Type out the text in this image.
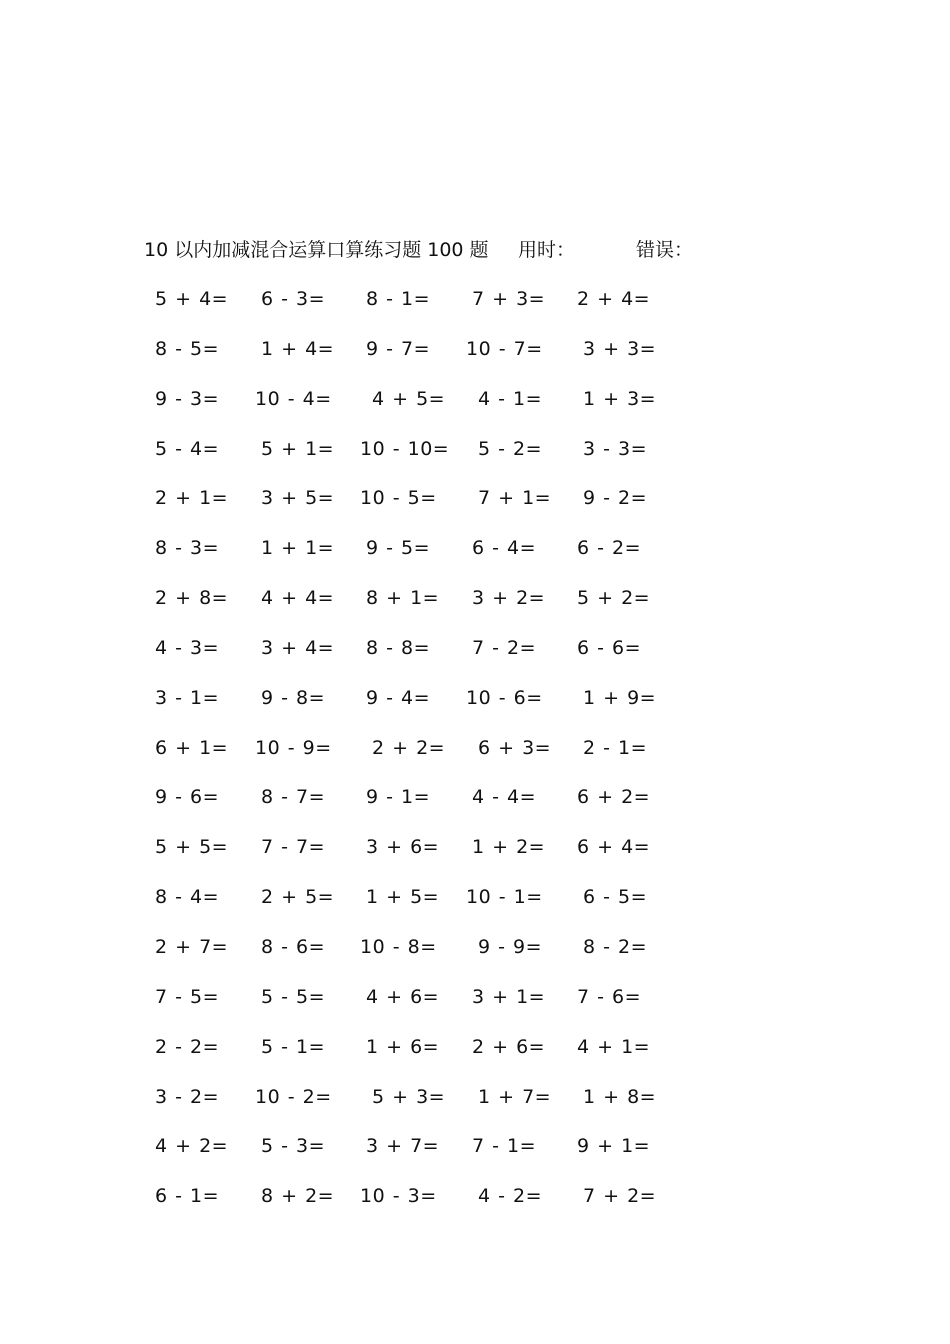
10 以内加减混合运算口算练习题 100 题 用时：	错误：
5 + 4= 6 - 3= 8 - 1= 7 + 3= 2 + 4=
8 - 5= 1 + 4= 9 - 7= 10 - 7= 3 + 3=
9 - 3= 10 - 4= 4 + 5= 4 - 1= 1 + 3=
5 - 4= 5 + 1= 10 - 10= 5 - 2= 3 - 3=
2 + 1= 3 + 5= 10 - 5= 7 + 1= 9 - 2=
8 - 3= 1 + 1= 9 - 5= 6 - 4= 6 - 2=
2 + 8= 4 + 4= 8 + 1= 3 + 2= 5 + 2=
4 - 3= 3 + 4= 8 - 8= 7 - 2= 6 - 6=
3 - 1= 9 - 8= 9 - 4= 10 - 6= 1 + 9=
6 + 1= 10 - 9= 2 + 2= 6 + 3= 2 - 1=
9 - 6= 8 - 7= 9 - 1= 4 - 4= 6 + 2=
5 + 5= 7 - 7= 3 + 6= 1 + 2= 6 + 4=
8 - 4= 2 + 5= 1 + 5= 10 - 1= 6 - 5=
2 + 7= 8 - 6= 10 - 8= 9 - 9= 8 - 2=
7 - 5= 5 - 5= 4 + 6= 3 + 1= 7 - 6=
2 - 2= 5 - 1= 1 + 6= 2 + 6= 4 + 1=
3 - 2= 10 - 2= 5 + 3= 1 + 7= 1 + 8=
4 + 2= 5 - 3= 3 + 7= 7 - 1= 9 + 1=
6 - 1= 8 + 2= 10 - 3= 4 - 2= 7 + 2=
